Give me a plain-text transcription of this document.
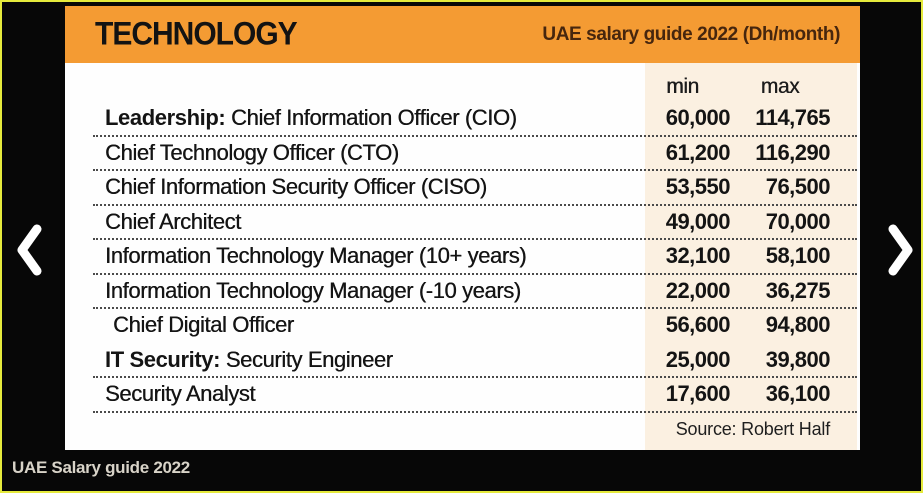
TECHNOLOGY	UAE salary guide 2022 (Dh/month)
min	max
Leadership: Chief Information Officer (CIO)	60,000	114,765
Chief Technology Officer (CTO)	61,200	116,290
Chief Information Security Officer (CISO)	53,550	76,500
Chief Architect	49,000	70,000
Information Technology Manager (10+ years)	32,100	58,100
Information Technology Manager (-10 years)	22,000	36,275
Chief Digital Officer	56,600	94,800
IT Security: Security Engineer	25,000	39,800
Security Analyst	17,600	36,100
Source: Robert Half
UAE Salary guide 2022
